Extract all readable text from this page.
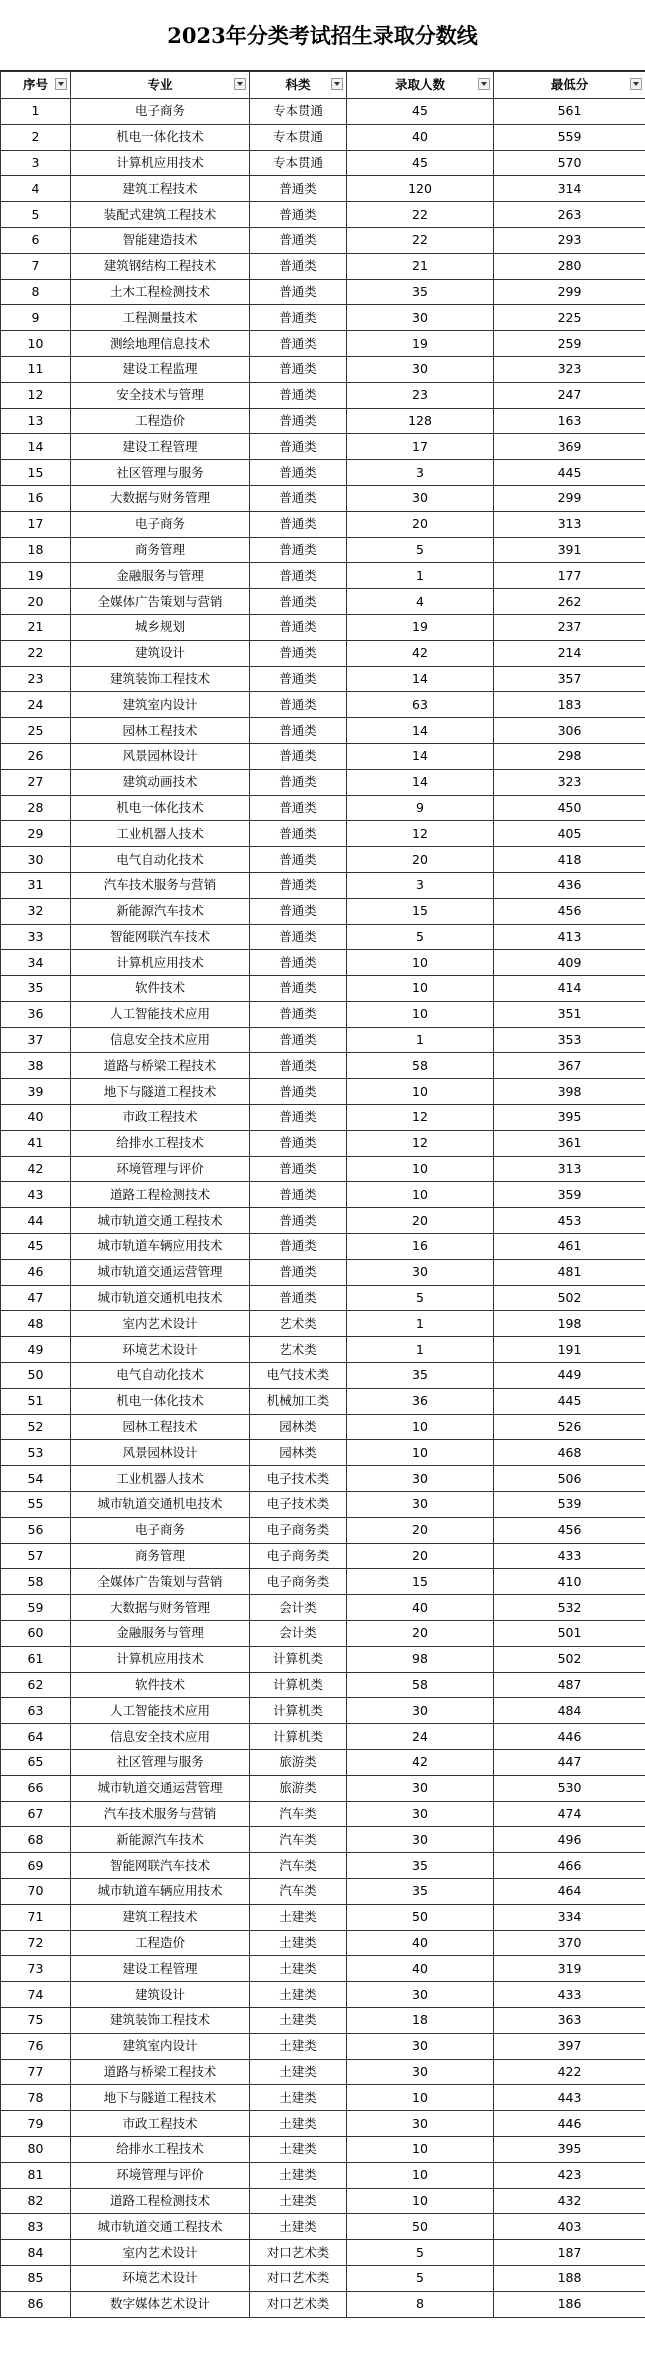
2023年分类考试招生录取分数线
序号	专业	科类	录取人数	最低分

1	电子商务	专本贯通	45	561
2	机电一体化技术	专本贯通	40	559
3	计算机应用技术	专本贯通	45	570
4	建筑工程技术	普通类	120	314
5	装配式建筑工程技术	普通类	22	263
6	智能建造技术	普通类	22	293
7	建筑钢结构工程技术	普通类	21	280
8	土木工程检测技术	普通类	35	299
9	工程测量技术	普通类	30	225
10	测绘地理信息技术	普通类	19	259
11	建设工程监理	普通类	30	323
12	安全技术与管理	普通类	23	247
13	工程造价	普通类	128	163
14	建设工程管理	普通类	17	369
15	社区管理与服务	普通类	3	445
16	大数据与财务管理	普通类	30	299
17	电子商务	普通类	20	313
18	商务管理	普通类	5	391
19	金融服务与管理	普通类	1	177
20	全媒体广告策划与营销	普通类	4	262
21	城乡规划	普通类	19	237
22	建筑设计	普通类	42	214
23	建筑装饰工程技术	普通类	14	357
24	建筑室内设计	普通类	63	183
25	园林工程技术	普通类	14	306
26	风景园林设计	普通类	14	298
27	建筑动画技术	普通类	14	323
28	机电一体化技术	普通类	9	450
29	工业机器人技术	普通类	12	405
30	电气自动化技术	普通类	20	418
31	汽车技术服务与营销	普通类	3	436
32	新能源汽车技术	普通类	15	456
33	智能网联汽车技术	普通类	5	413
34	计算机应用技术	普通类	10	409
35	软件技术	普通类	10	414
36	人工智能技术应用	普通类	10	351
37	信息安全技术应用	普通类	1	353
38	道路与桥梁工程技术	普通类	58	367
39	地下与隧道工程技术	普通类	10	398
40	市政工程技术	普通类	12	395
41	给排水工程技术	普通类	12	361
42	环境管理与评价	普通类	10	313
43	道路工程检测技术	普通类	10	359
44	城市轨道交通工程技术	普通类	20	453
45	城市轨道车辆应用技术	普通类	16	461
46	城市轨道交通运营管理	普通类	30	481
47	城市轨道交通机电技术	普通类	5	502
48	室内艺术设计	艺术类	1	198
49	环境艺术设计	艺术类	1	191
50	电气自动化技术	电气技术类	35	449
51	机电一体化技术	机械加工类	36	445
52	园林工程技术	园林类	10	526
53	风景园林设计	园林类	10	468
54	工业机器人技术	电子技术类	30	506
55	城市轨道交通机电技术	电子技术类	30	539
56	电子商务	电子商务类	20	456
57	商务管理	电子商务类	20	433
58	全媒体广告策划与营销	电子商务类	15	410
59	大数据与财务管理	会计类	40	532
60	金融服务与管理	会计类	20	501
61	计算机应用技术	计算机类	98	502
62	软件技术	计算机类	58	487
63	人工智能技术应用	计算机类	30	484
64	信息安全技术应用	计算机类	24	446
65	社区管理与服务	旅游类	42	447
66	城市轨道交通运营管理	旅游类	30	530
67	汽车技术服务与营销	汽车类	30	474
68	新能源汽车技术	汽车类	30	496
69	智能网联汽车技术	汽车类	35	466
70	城市轨道车辆应用技术	汽车类	35	464
71	建筑工程技术	土建类	50	334
72	工程造价	土建类	40	370
73	建设工程管理	土建类	40	319
74	建筑设计	土建类	30	433
75	建筑装饰工程技术	土建类	18	363
76	建筑室内设计	土建类	30	397
77	道路与桥梁工程技术	土建类	30	422
78	地下与隧道工程技术	土建类	10	443
79	市政工程技术	土建类	30	446
80	给排水工程技术	土建类	10	395
81	环境管理与评价	土建类	10	423
82	道路工程检测技术	土建类	10	432
83	城市轨道交通工程技术	土建类	50	403
84	室内艺术设计	对口艺术类	5	187
85	环境艺术设计	对口艺术类	5	188
86	数字媒体艺术设计	对口艺术类	8	186
